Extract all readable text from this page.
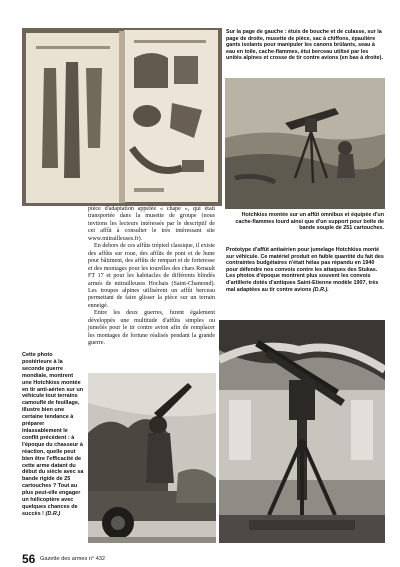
Sur la page de gauche : étuis de bouche et de culasse, sur la page de droite, musette de pièce, sac à chiffons, épaulière gants isolants pour manipuler les canons brûlants, seau à eau en toile, cache-flammes, étui berceau utilisé par les unités alpines et crosse de tir contre avions (en bas à droite).

Hotchkiss montée sur un affût omnibus et équipée d'un cache-flammes lourd ainsi que d'un support pour boîte de bande souple de 251 cartouches.

Prototype d'affût antiaérien pour jumelage Hotchkiss monté sur véhicule. Ce matériel produit en faible quantité du fait des contraintes budgétaires n'était hélas pas répandu en 1940 pour défendre nos convois contre les attaques des Stukas. Les photos d'époque montrent plus souvent les convois d'artillerie dotés d'antiques Saint-Etienne modèle 1907, très mal adaptées au tir contre avions (D.R.).

pièce d'adaptation appelée « chape », qui était transportée dans la musette de groupe (nous invitons les lecteurs intéressés par le descriptif de cet affût à consulter le très intéressant site www.mitrailleuses.fr).

En dehors de ces affûts trépied classique, il existe des affûts sur roue, des affûts de pont et de hune pour bâtiment, des affûts de rempart et de forteresse et des montages pour les tourelles des chars Renault FT 17 et pour les habitacles de différents blindés armés de mitrailleuses Hochais (Saint-Chamond). Les troupes alpines utilisèrent un affût berceau permettant de faire glisser la pièce sur un terrain enneigé.

Entre les deux guerres, furent également développés une multitude d'affûts simples ou jumelés pour le tir contre avion afin de remplacer les montages de fortune réalisés pendant la grande guerre.

Cette photo postérieure à la seconde guerre mondiale, montrent une Hotchkiss montée en tir anti-aérien sur un véhicule tout terrains camouflé de feuillage, illustre bien une certaine tendance à préparer inlassablement le conflit précédent : à l'époque du chasseur à réaction, quelle peut bien être l'efficacité de cette arme datant du début du siècle avec sa bande rigide de 25 cartouches ? Tout au plus peut-elle engager un hélicoptère avec quelques chances de succès ! (D.R.)

56 Gazette des armes n° 432
